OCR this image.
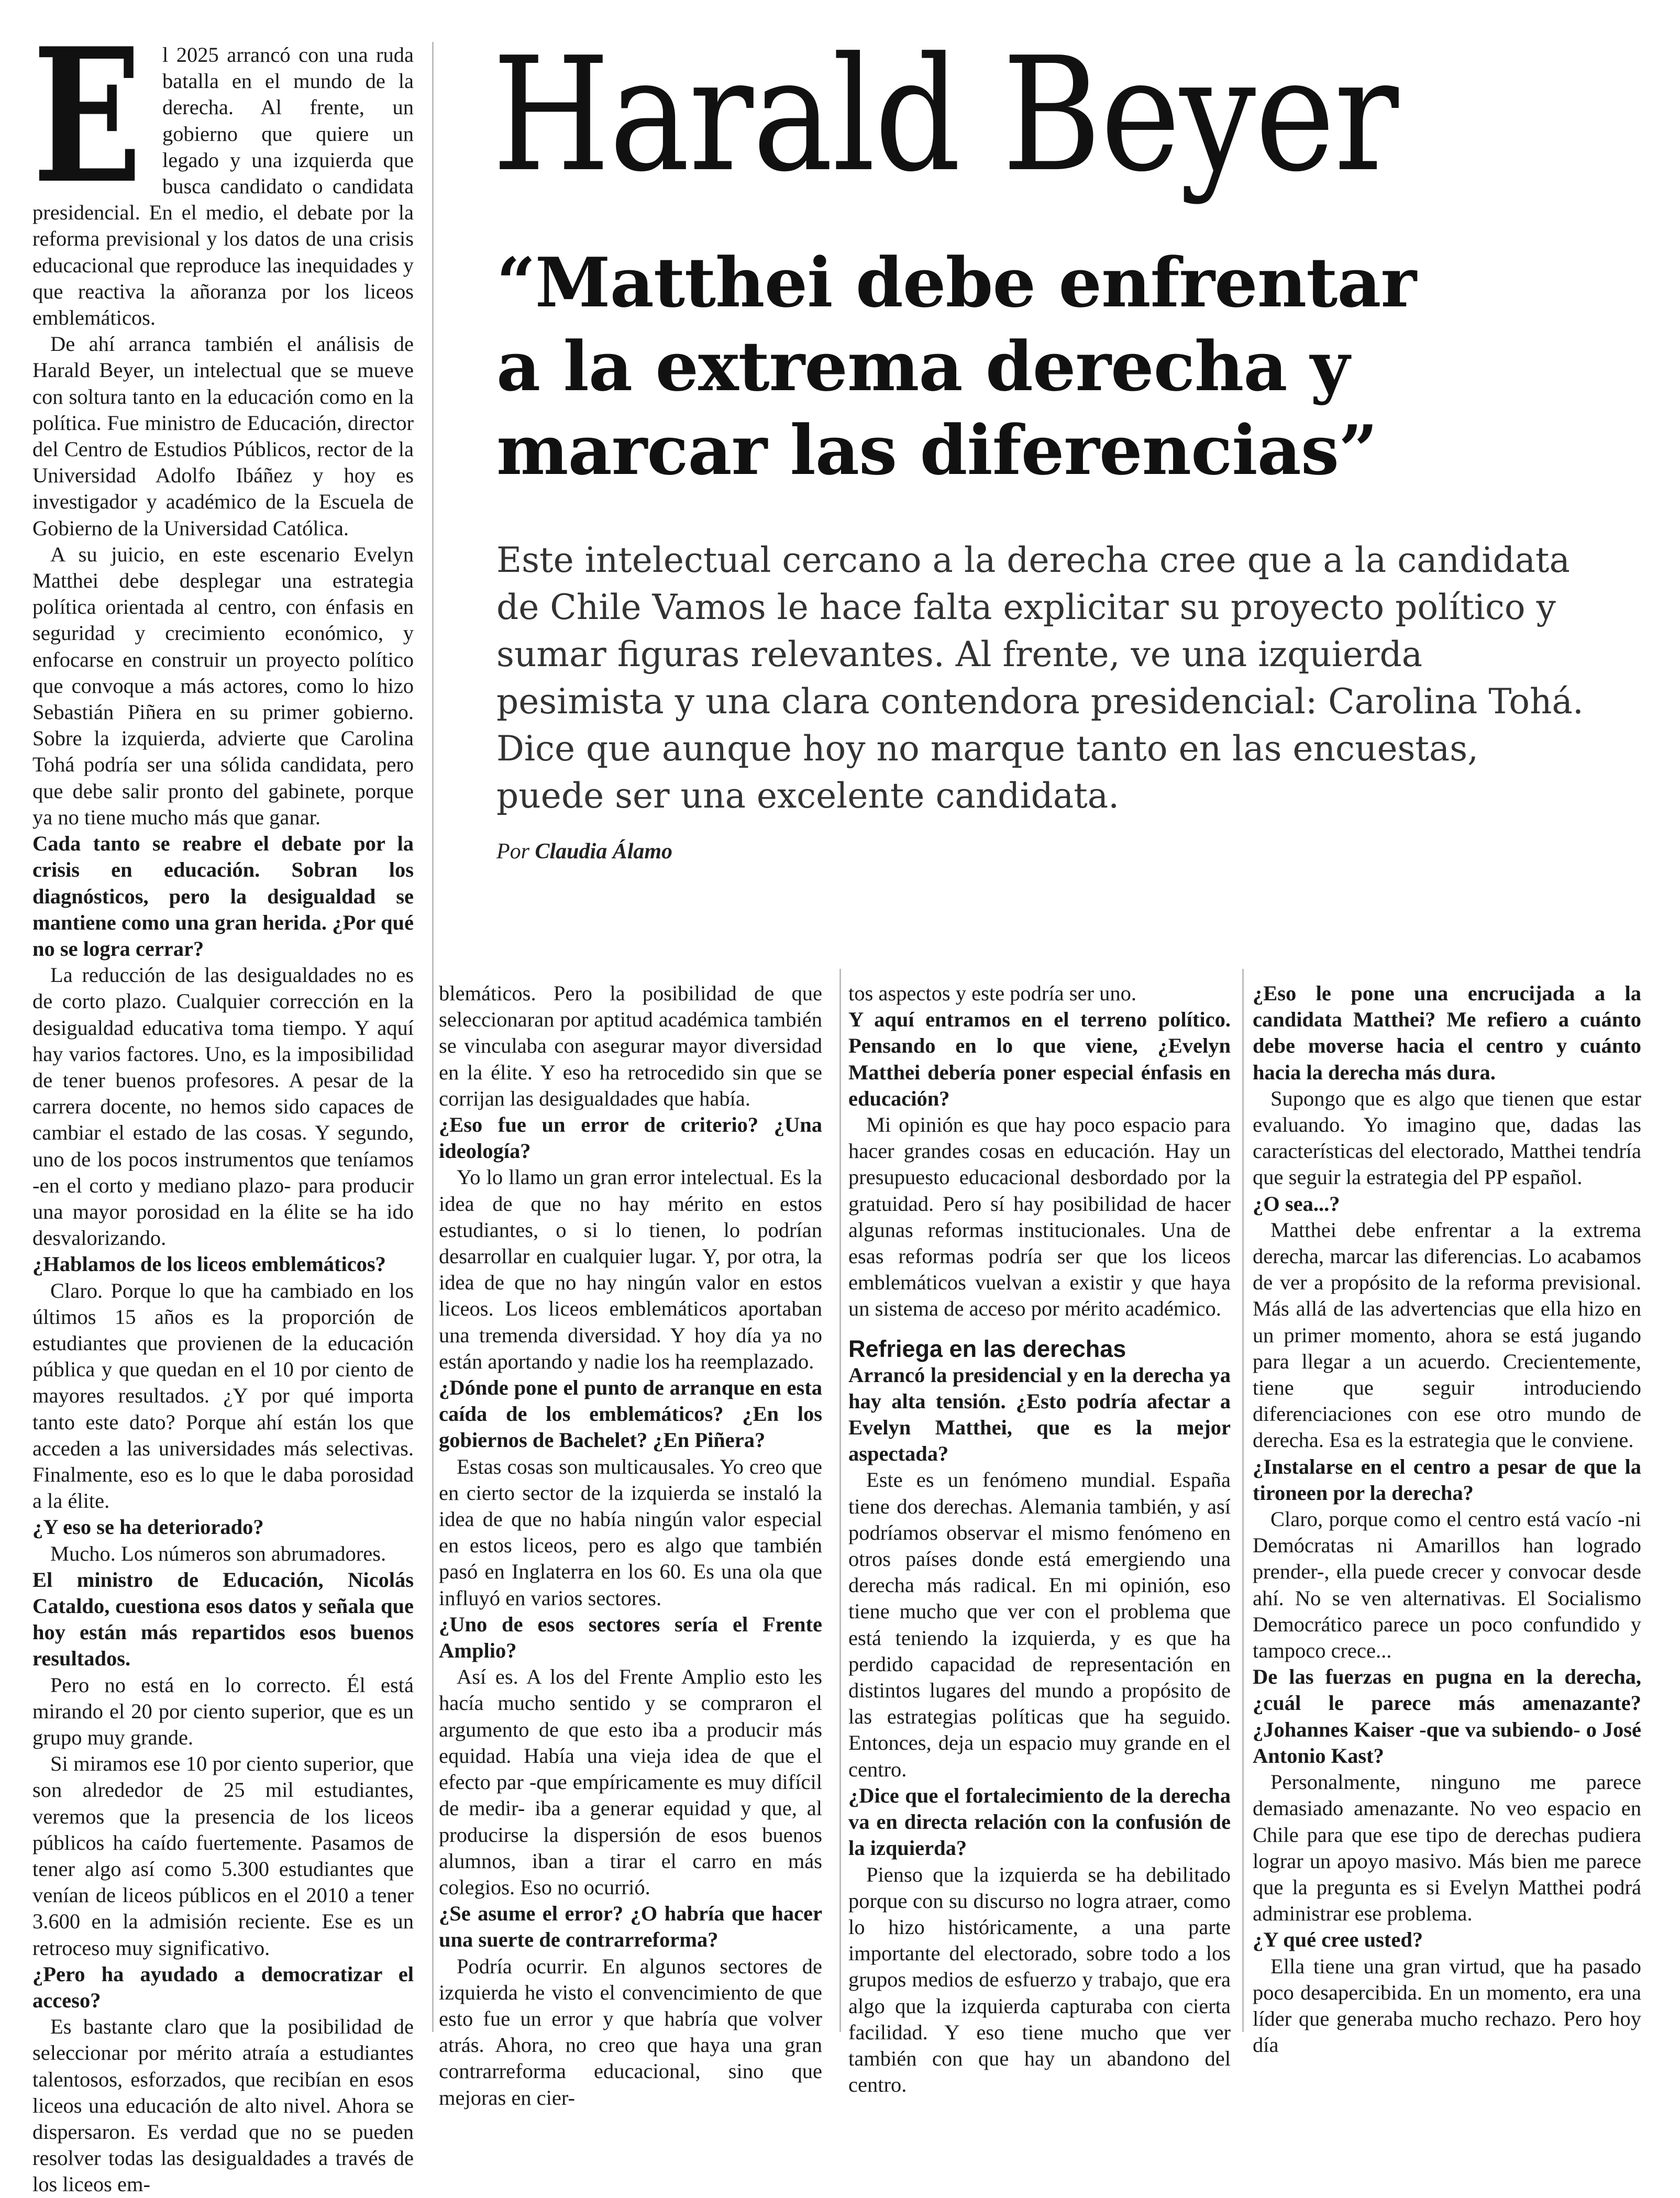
Harald Beyer
“Matthei debe enfrentar a la extrema derecha y marcar las diferencias”

Este intelectual cercano a la derecha cree que a la candidata de Chile Vamos le hace falta explicitar su proyecto político y sumar figuras relevantes. Al frente, ve una izquierda pesimista y una clara contendora presidencial: Carolina Tohá. Dice que aunque hoy no marque tanto en las encuestas, puede ser una excelente candidata.

Por Claudia Álamo
E l 2025 arrancó con una ruda batalla en el mundo de la derecha. Al frente, un gobierno que quiere un legado y una izquierda que busca candidato o candidata presidencial. En el medio, el debate por la reforma previsional y los datos de una crisis educacional que reproduce las inequidades y que reactiva la añoranza por los liceos emblemáticos.

De ahí arranca también el análisis de Harald Beyer, un intelectual que se mueve con soltura tanto en la educación como en la política. Fue ministro de Educación, director del Centro de Estudios Públicos, rector de la Universidad Adolfo Ibáñez y hoy es investigador y académico de la Escuela de Gobierno de la Universidad Católica.

A su juicio, en este escenario Evelyn Matthei debe desplegar una estrategia política orientada al centro, con énfasis en seguridad y crecimiento económico, y enfocarse en construir un proyecto político que convoque a más actores, como lo hizo Sebastián Piñera en su primer gobierno. Sobre la izquierda, advierte que Carolina Tohá podría ser una sólida candidata, pero que debe salir pronto del gabinete, porque ya no tiene mucho más que ganar.

Cada tanto se reabre el debate por la crisis en educación. Sobran los diagnósticos, pero la desigualdad se mantiene como una gran herida. ¿Por qué no se logra cerrar?

La reducción de las desigualdades no es de corto plazo. Cualquier corrección en la desigualdad educativa toma tiempo. Y aquí hay varios factores. Uno, es la imposibilidad de tener buenos profesores. A pesar de la carrera docente, no hemos sido capaces de cambiar el estado de las cosas. Y segundo, uno de los pocos instrumentos que teníamos -en el corto y mediano plazo- para producir una mayor porosidad en la élite se ha ido desvalorizando.

¿Hablamos de los liceos emblemáticos?

Claro. Porque lo que ha cambiado en los últimos 15 años es la proporción de estudiantes que provienen de la educación pública y que quedan en el 10 por ciento de mayores resultados. ¿Y por qué importa tanto este dato? Porque ahí están los que acceden a las universidades más selectivas. Finalmente, eso es lo que le daba porosidad a la élite.

¿Y eso se ha deteriorado?

Mucho. Los números son abrumadores.

El ministro de Educación, Nicolás Cataldo, cuestiona esos datos y señala que hoy están más repartidos esos buenos resultados.

Pero no está en lo correcto. Él está mirando el 20 por ciento superior, que es un grupo muy grande.

Si miramos ese 10 por ciento superior, que son alrededor de 25 mil estudiantes, veremos que la presencia de los liceos públicos ha caído fuertemente. Pasamos de tener algo así como 5.300 estudiantes que venían de liceos públicos en el 2010 a tener 3.600 en la admisión reciente. Ese es un retroceso muy significativo.

¿Pero ha ayudado a democratizar el acceso?

Es bastante claro que la posibilidad de seleccionar por mérito atraía a estudiantes talentosos, esforzados, que recibían en esos liceos una educación de alto nivel. Ahora se dispersaron. Es verdad que no se pueden resolver todas las desigualdades a través de los liceos em-

blemáticos. Pero la posibilidad de que seleccionaran por aptitud académica también se vinculaba con asegurar mayor diversidad en la élite. Y eso ha retrocedido sin que se corrijan las desigualdades que había.

¿Eso fue un error de criterio? ¿Una ideología?

Yo lo llamo un gran error intelectual. Es la idea de que no hay mérito en estos estudiantes, o si lo tienen, lo podrían desarrollar en cualquier lugar. Y, por otra, la idea de que no hay ningún valor en estos liceos. Los liceos emblemáticos aportaban una tremenda diversidad. Y hoy día ya no están aportando y nadie los ha reemplazado.

¿Dónde pone el punto de arranque en esta caída de los emblemáticos? ¿En los gobiernos de Bachelet? ¿En Piñera?

Estas cosas son multicausales. Yo creo que en cierto sector de la izquierda se instaló la idea de que no había ningún valor especial en estos liceos, pero es algo que también pasó en Inglaterra en los 60. Es una ola que influyó en varios sectores.

¿Uno de esos sectores sería el Frente Amplio?

Así es. A los del Frente Amplio esto les hacía mucho sentido y se compraron el argumento de que esto iba a producir más equidad. Había una vieja idea de que el efecto par -que empíricamente es muy difícil de medir- iba a generar equidad y que, al producirse la dispersión de esos buenos alumnos, iban a tirar el carro en más colegios. Eso no ocurrió.

¿Se asume el error? ¿O habría que hacer una suerte de contrarreforma?

Podría ocurrir. En algunos sectores de izquierda he visto el convencimiento de que esto fue un error y que habría que volver atrás. Ahora, no creo que haya una gran contrarreforma educacional, sino que mejoras en cier-

tos aspectos y este podría ser uno.

Y aquí entramos en el terreno político. Pensando en lo que viene, ¿Evelyn Matthei debería poner especial énfasis en educación?

Mi opinión es que hay poco espacio para hacer grandes cosas en educación. Hay un presupuesto educacional desbordado por la gratuidad. Pero sí hay posibilidad de hacer algunas reformas institucionales. Una de esas reformas podría ser que los liceos emblemáticos vuelvan a existir y que haya un sistema de acceso por mérito académico.

Refriega en las derechas

Arrancó la presidencial y en la derecha ya hay alta tensión. ¿Esto podría afectar a Evelyn Matthei, que es la mejor aspectada?

Este es un fenómeno mundial. España tiene dos derechas. Alemania también, y así podríamos observar el mismo fenómeno en otros países donde está emergiendo una derecha más radical. En mi opinión, eso tiene mucho que ver con el problema que está teniendo la izquierda, y es que ha perdido capacidad de representación en distintos lugares del mundo a propósito de las estrategias políticas que ha seguido. Entonces, deja un espacio muy grande en el centro.

¿Dice que el fortalecimiento de la derecha va en directa relación con la confusión de la izquierda?

Pienso que la izquierda se ha debilitado porque con su discurso no logra atraer, como lo hizo históricamente, a una parte importante del electorado, sobre todo a los grupos medios de esfuerzo y trabajo, que era algo que la izquierda capturaba con cierta facilidad. Y eso tiene mucho que ver también con que hay un abandono del centro.

¿Eso le pone una encrucijada a la candidata Matthei? Me refiero a cuánto debe moverse hacia el centro y cuánto hacia la derecha más dura.

Supongo que es algo que tienen que estar evaluando. Yo imagino que, dadas las características del electorado, Matthei tendría que seguir la estrategia del PP español.

¿O sea...?

Matthei debe enfrentar a la extrema derecha, marcar las diferencias. Lo acabamos de ver a propósito de la reforma previsional. Más allá de las advertencias que ella hizo en un primer momento, ahora se está jugando para llegar a un acuerdo. Crecientemente, tiene que seguir introduciendo diferenciaciones con ese otro mundo de derecha. Esa es la estrategia que le conviene.

¿Instalarse en el centro a pesar de que la tironeen por la derecha?

Claro, porque como el centro está vacío -ni Demócratas ni Amarillos han logrado prender-, ella puede crecer y convocar desde ahí. No se ven alternativas. El Socialismo Democrático parece un poco confundido y tampoco crece...

De las fuerzas en pugna en la derecha, ¿cuál le parece más amenazante? ¿Johannes Kaiser -que va subiendo- o José Antonio Kast?

Personalmente, ninguno me parece demasiado amenazante. No veo espacio en Chile para que ese tipo de derechas pudiera lograr un apoyo masivo. Más bien me parece que la pregunta es si Evelyn Matthei podrá administrar ese problema.

¿Y qué cree usted?

Ella tiene una gran virtud, que ha pasado poco desapercibida. En un momento, era una líder que generaba mucho rechazo. Pero hoy día
